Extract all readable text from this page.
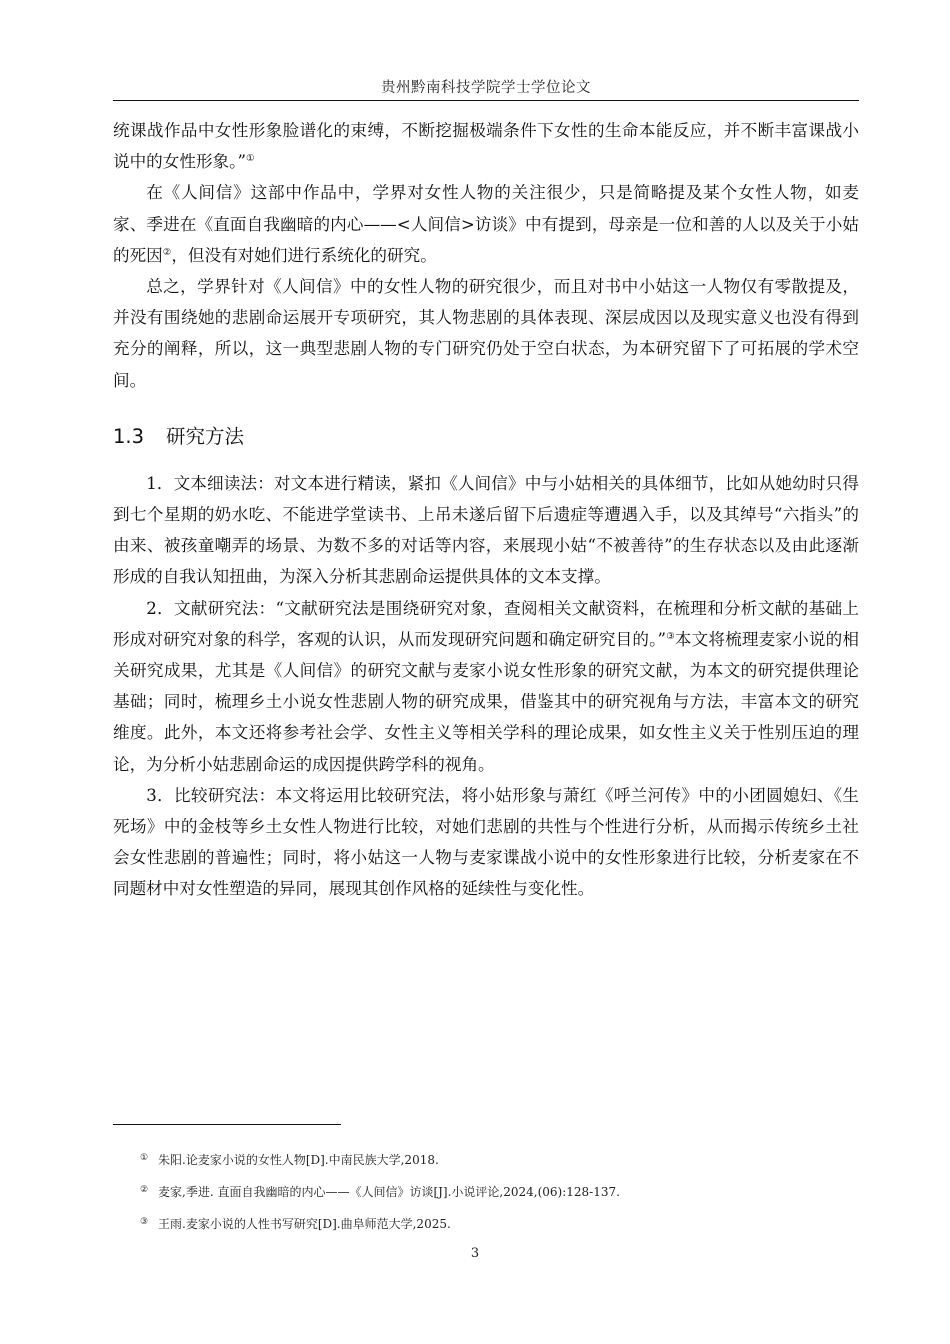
贵州黔南科技学院学士学位论文

统课战作品中女性形象脸谱化的束缚，不断挖掘极端条件下女性的生命本能反应，并不断丰富课战小说中的女性形象。”①

在《人间信》这部中作品中，学界对女性人物的关注很少，只是简略提及某个女性人物，如麦家、季进在《直面自我幽暗的内心——<人间信>访谈》中有提到，母亲是一位和善的人以及关于小姑的死因②，但没有对她们进行系统化的研究。

总之，学界针对《人间信》中的女性人物的研究很少，而且对书中小姑这一人物仅有零散提及，并没有围绕她的悲剧命运展开专项研究，其人物悲剧的具体表现、深层成因以及现实意义也没有得到充分的阐释，所以，这一典型悲剧人物的专门研究仍处于空白状态，为本研究留下了可拓展的学术空间。

1.3 研究方法

1．文本细读法：对文本进行精读，紧扣《人间信》中与小姑相关的具体细节，比如从她幼时只得到七个星期的奶水吃、不能进学堂读书、上吊未遂后留下后遗症等遭遇入手，以及其绰号“六指头”的由来、被孩童嘲弄的场景、为数不多的对话等内容，来展现小姑“不被善待”的生存状态以及由此逐渐形成的自我认知扭曲，为深入分析其悲剧命运提供具体的文本支撑。

2．文献研究法：“文献研究法是围绕研究对象，查阅相关文献资料，在梳理和分析文献的基础上形成对研究对象的科学，客观的认识，从而发现研究问题和确定研究目的。”③本文将梳理麦家小说的相关研究成果，尤其是《人间信》的研究文献与麦家小说女性形象的研究文献，为本文的研究提供理论基础；同时，梳理乡土小说女性悲剧人物的研究成果，借鉴其中的研究视角与方法，丰富本文的研究维度。此外，本文还将参考社会学、女性主义等相关学科的理论成果，如女性主义关于性别压迫的理论，为分析小姑悲剧命运的成因提供跨学科的视角。

3．比较研究法：本文将运用比较研究法，将小姑形象与萧红《呼兰河传》中的小团圆媳妇、《生死场》中的金枝等乡土女性人物进行比较，对她们悲剧的共性与个性进行分析，从而揭示传统乡土社会女性悲剧的普遍性；同时，将小姑这一人物与麦家谍战小说中的女性形象进行比较，分析麦家在不同题材中对女性塑造的异同，展现其创作风格的延续性与变化性。

① 朱阳.论麦家小说的女性人物[D].中南民族大学,2018.
② 麦家,季进. 直面自我幽暗的内心——《人间信》访谈[J].小说评论,2024,(06):128-137.
③ 王雨.麦家小说的人性书写研究[D].曲阜师范大学,2025.
3
